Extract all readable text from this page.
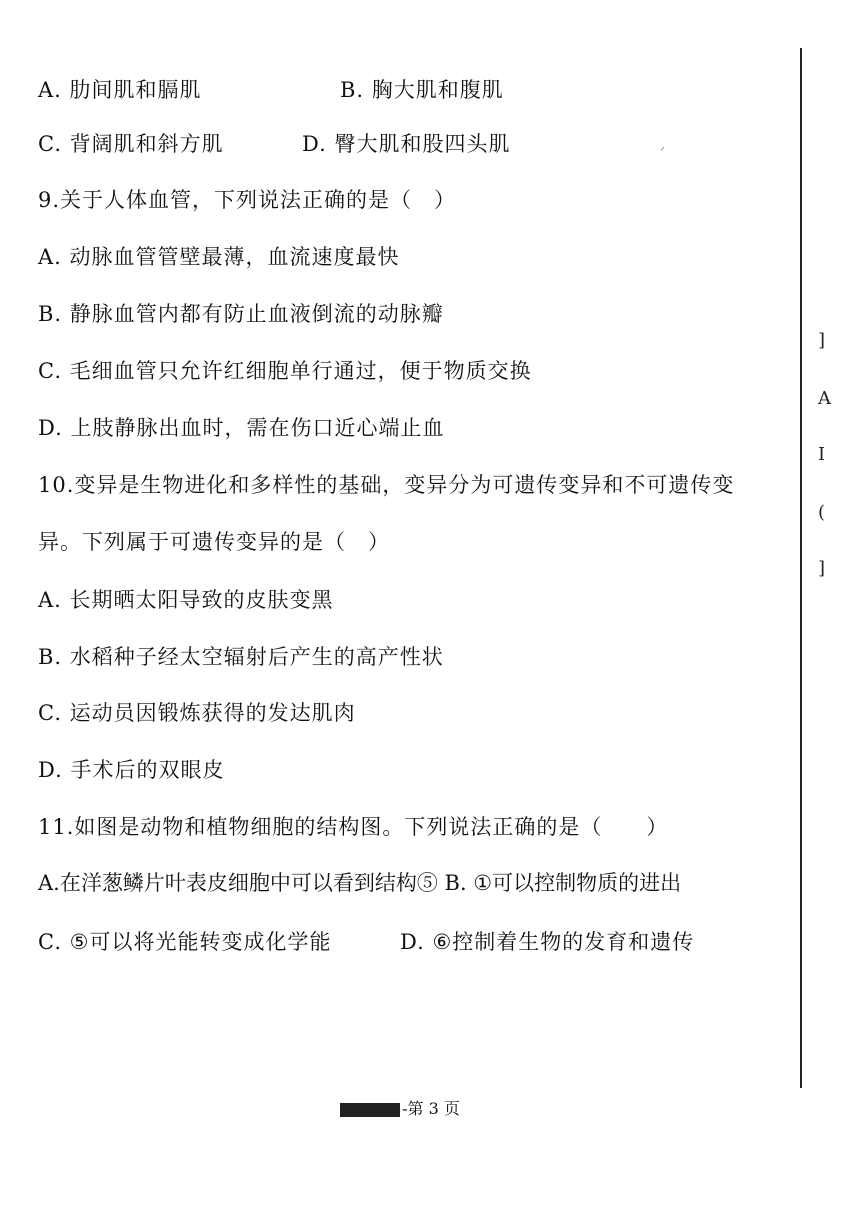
A. 肋间肌和膈肌	B. 胸大肌和腹肌
C. 背阔肌和斜方肌	D. 臀大肌和股四头肌	⸍
9.关于人体血管，下列说法正确的是（　）
A. 动脉血管管壁最薄，血流速度最快
B. 静脉血管内都有防止血液倒流的动脉瓣
C. 毛细血管只允许红细胞单行通过，便于物质交换
D. 上肢静脉出血时，需在伤口近心端止血
10.变异是生物进化和多样性的基础，变异分为可遗传变异和不可遗传变
异。下列属于可遗传变异的是（　）
A. 长期晒太阳导致的皮肤变黑
B. 水稻种子经太空辐射后产生的高产性状
C. 运动员因锻炼获得的发达肌肉
D. 手术后的双眼皮
11.如图是动物和植物细胞的结构图。下列说法正确的是（　　）
A.在洋葱鳞片叶表皮细胞中可以看到结构⑤ B. ①可以控制物质的进出
C. ⑤可以将光能转变成化学能	D. ⑥控制着生物的发育和遗传
]
A
I
(
]
-第 3 页
